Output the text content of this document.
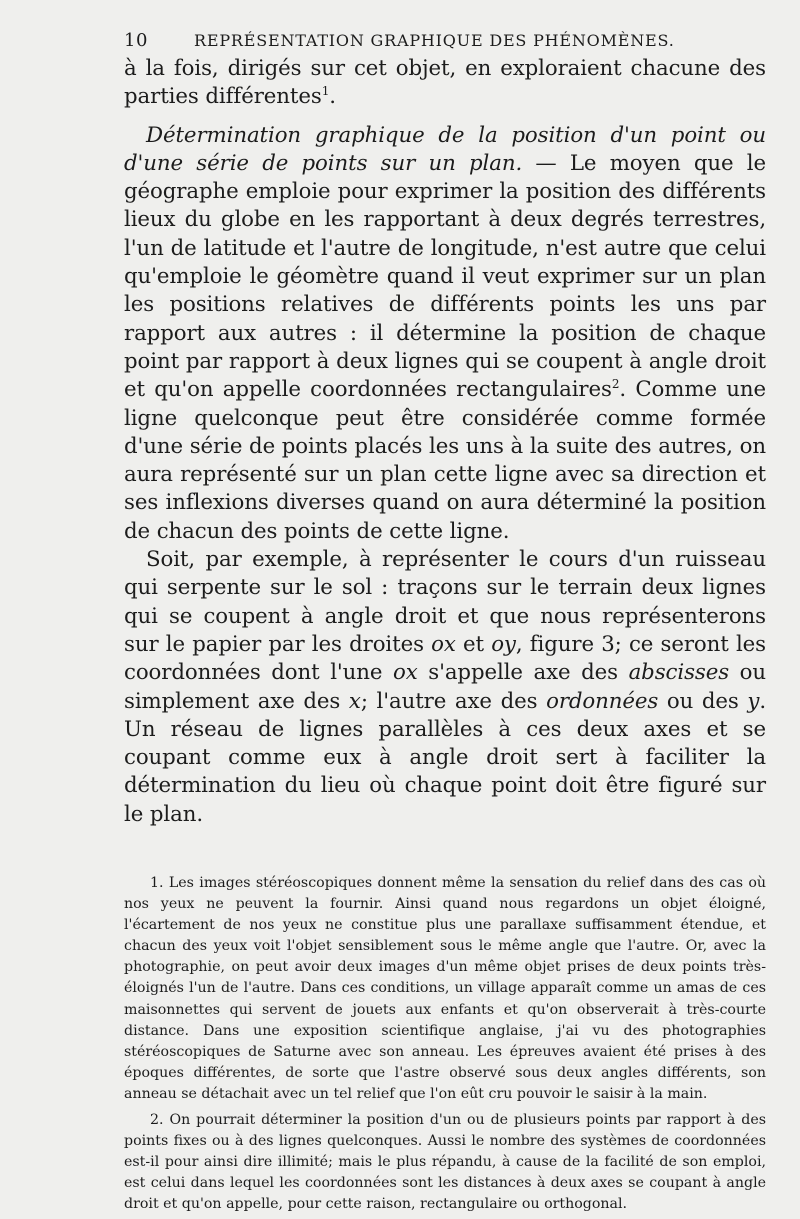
10	REPRÉSENTATION GRAPHIQUE DES PHÉNOMÈNES.

à la fois, dirigés sur cet objet, en exploraient chacune des parties différentes$^1$.

Détermination graphique de la position d'un point ou d'une série de points sur un plan. — Le moyen que le géographe emploie pour exprimer la position des différents lieux du globe en les rapportant à deux degrés terrestres, l'un de latitude et l'autre de longitude, n'est autre que celui qu'emploie le géomètre quand il veut exprimer sur un plan les positions relatives de différents points les uns par rapport aux autres : il détermine la position de chaque point par rapport à deux lignes qui se coupent à angle droit et qu'on appelle coordonnées rectangulaires$^2$. Comme une ligne quelconque peut être considérée comme formée d'une série de points placés les uns à la suite des autres, on aura représenté sur un plan cette ligne avec sa direction et ses inflexions diverses quand on aura déterminé la position de chacun des points de cette ligne.

Soit, par exemple, à représenter le cours d'un ruisseau qui serpente sur le sol : traçons sur le terrain deux lignes qui se coupent à angle droit et que nous représenterons sur le papier par les droites ox et oy, figure 3; ce seront les coordonnées dont l'une ox s'appelle axe des abscisses ou simplement axe des x; l'autre axe des ordonnées ou des y. Un réseau de lignes parallèles à ces deux axes et se coupant comme eux à angle droit sert à faciliter la détermination du lieu où chaque point doit être figuré sur le plan.

1. Les images stéréoscopiques donnent même la sensation du relief dans des cas où nos yeux ne peuvent la fournir. Ainsi quand nous regardons un objet éloigné, l'écartement de nos yeux ne constitue plus une parallaxe suffisamment étendue, et chacun des yeux voit l'objet sensiblement sous le même angle que l'autre. Or, avec la photographie, on peut avoir deux images d'un même objet prises de deux points très-éloignés l'un de l'autre. Dans ces conditions, un village apparaît comme un amas de ces maisonnettes qui servent de jouets aux enfants et qu'on observerait à très-courte distance. Dans une exposition scientifique anglaise, j'ai vu des photographies stéréoscopiques de Saturne avec son anneau. Les épreuves avaient été prises à des époques différentes, de sorte que l'astre observé sous deux angles différents, son anneau se détachait avec un tel relief que l'on eût cru pouvoir le saisir à la main.

2. On pourrait déterminer la position d'un ou de plusieurs points par rapport à des points fixes ou à des lignes quelconques. Aussi le nombre des systèmes de coordonnées est-il pour ainsi dire illimité; mais le plus répandu, à cause de la facilité de son emploi, est celui dans lequel les coordonnées sont les distances à deux axes se coupant à angle droit et qu'on appelle, pour cette raison, rectangulaire ou orthogonal.
